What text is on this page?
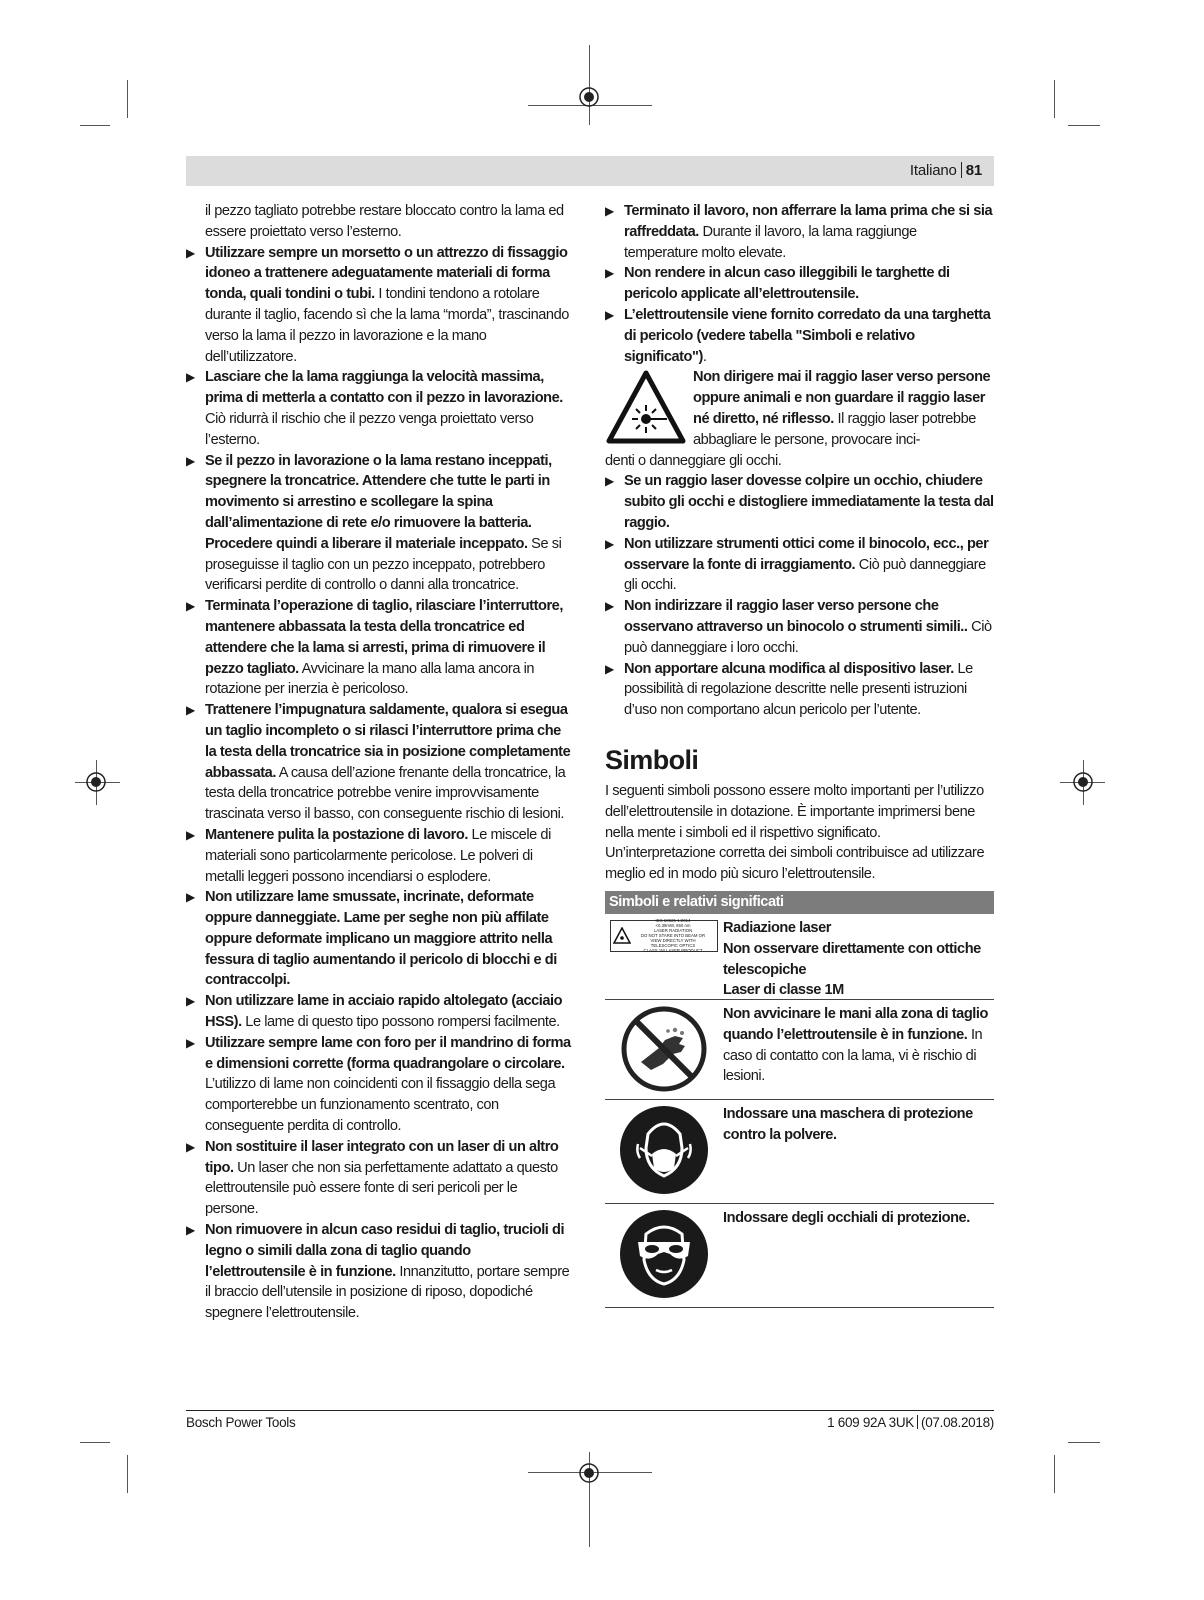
Italiano 81

il pezzo tagliato potrebbe restare bloccato contro la lama ed essere proiettato verso l’esterno.

▶ Utilizzare sempre un morsetto o un attrezzo di fissaggio idoneo a trattenere adeguatamente materiali di forma tonda, quali tondini o tubi. I tondini tendono a rotolare durante il taglio, facendo sì che la lama “morda”, trascinando verso la lama il pezzo in lavorazione e la mano dell’utilizzatore.

▶ Lasciare che la lama raggiunga la velocità massima, prima di metterla a contatto con il pezzo in lavorazione. Ciò ridurrà il rischio che il pezzo venga proiettato verso l’esterno.

▶ Se il pezzo in lavorazione o la lama restano inceppati, spegnere la troncatrice. Attendere che tutte le parti in movimento si arrestino e scollegare la spina dall’alimentazione di rete e/o rimuovere la batteria. Procedere quindi a liberare il materiale inceppato. Se si proseguisse il taglio con un pezzo inceppato, potrebbero verificarsi perdite di controllo o danni alla troncatrice.

▶ Terminata l’operazione di taglio, rilasciare l’interruttore, mantenere abbassata la testa della troncatrice ed attendere che la lama si arresti, prima di rimuovere il pezzo tagliato. Avvicinare la mano alla lama ancora in rotazione per inerzia è pericoloso.

▶ Trattenere l’impugnatura saldamente, qualora si esegua un taglio incompleto o si rilasci l’interruttore prima che la testa della troncatrice sia in posizione completamente abbassata. A causa dell’azione frenante della troncatrice, la testa della troncatrice potrebbe venire improvvisamente trascinata verso il basso, con conseguente rischio di lesioni.

▶ Mantenere pulita la postazione di lavoro. Le miscele di materiali sono particolarmente pericolose. Le polveri di metalli leggeri possono incendiarsi o esplodere.

▶ Non utilizzare lame smussate, incrinate, deformate oppure danneggiate. Lame per seghe non più affilate oppure deformate implicano un maggiore attrito nella fessura di taglio aumentando il pericolo di blocchi e di contraccolpi.

▶ Non utilizzare lame in acciaio rapido altolegato (acciaio HSS). Le lame di questo tipo possono rompersi facilmente.

▶ Utilizzare sempre lame con foro per il mandrino di forma e dimensioni corrette (forma quadrangolare o circolare. L’utilizzo di lame non coincidenti con il fissaggio della sega comporterebbe un funzionamento scentrato, con conseguente perdita di controllo.

▶ Non sostituire il laser integrato con un laser di un altro tipo. Un laser che non sia perfettamente adattato a questo elettroutensile può essere fonte di seri pericoli per le persone.

▶ Non rimuovere in alcun caso residui di taglio, trucioli di legno o simili dalla zona di taglio quando l’elettroutensile è in funzione. Innanzitutto, portare sempre il braccio dell’utensile in posizione di riposo, dopodiché spegnere l’elettroutensile.

▶ Terminato il lavoro, non afferrare la lama prima che si sia raffreddata. Durante il lavoro, la lama raggiunge temperature molto elevate.

▶ Non rendere in alcun caso illeggibili le targhette di pericolo applicate all’elettroutensile.

▶ L’elettroutensile viene fornito corredato da una targhetta di pericolo (vedere tabella "Simboli e relativo significato").

Non dirigere mai il raggio laser verso persone oppure animali e non guardare il raggio laser né diretto, né riflesso. Il raggio laser potrebbe abbagliare le persone, provocare inci-

denti o danneggiare gli occhi.

▶ Se un raggio laser dovesse colpire un occhio, chiudere subito gli occhi e distogliere immediatamente la testa dal raggio.

▶ Non utilizzare strumenti ottici come il binocolo, ecc., per osservare la fonte di irraggiamento. Ciò può danneggiare gli occhi.

▶ Non indirizzare il raggio laser verso persone che osservano attraverso un binocolo o strumenti simili.. Ciò può danneggiare i loro occhi.

▶ Non apportare alcuna modifica al dispositivo laser. Le possibilità di regolazione descritte nelle presenti istruzioni d’uso non comportano alcun pericolo per l’utente.

Simboli

I seguenti simboli possono essere molto importanti per l’utilizzo dell’elettroutensile in dotazione. È importante imprimersi bene nella mente i simboli ed il rispettivo significato. Un’interpretazione corretta dei simboli contribuisce ad utilizzare meglio ed in modo più sicuro l’elettroutensile.

Simboli e relativi significati
IEC 60825-1:2014
<0.39mW, 650 nm
LASER RADIATION
DO NOT STARE INTO BEAM OR
VIEW DIRECTLY WITH
TELESCOPIC OPTICS
CLASS 1M LASER PRODUCT
Radiazione laser
Non osservare direttamente con ottiche telescopiche
Laser di classe 1M
Non avvicinare le mani alla zona di taglio quando l’elettroutensile è in funzione. In caso di contatto con la lama, vi è rischio di lesioni.
Indossare una maschera di protezione contro la polvere.
Indossare degli occhiali di protezione.
Bosch Power Tools	1 609 92A 3UK (07.08.2018)
